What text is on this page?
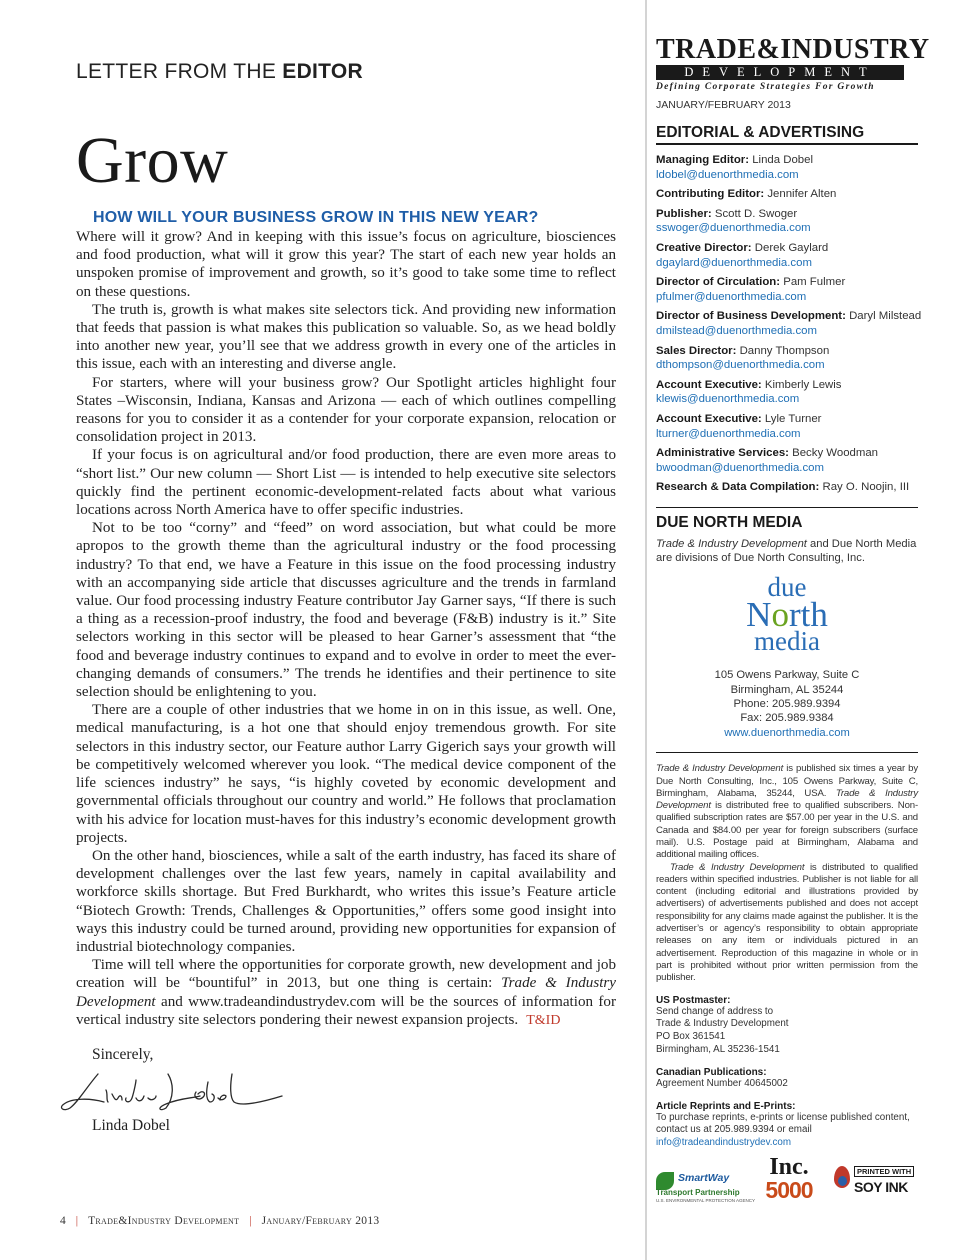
LETTER FROM THE EDITOR
Grow
HOW WILL YOUR BUSINESS GROW IN THIS NEW YEAR?

Where will it grow? And in keeping with this issue’s focus on agriculture, biosciences and food production, what will it grow this year? The start of each new year holds an unspoken promise of improvement and growth, so it’s good to take some time to reflect on these questions.

The truth is, growth is what makes site selectors tick. And providing new information that feeds that passion is what makes this publication so valuable. So, as we head boldly into another new year, you’ll see that we address growth in every one of the articles in this issue, each with an interesting and diverse angle.

For starters, where will your business grow? Our Spotlight articles highlight four States –Wisconsin, Indiana, Kansas and Arizona — each of which outlines compelling reasons for you to consider it as a contender for your corporate expansion, relocation or consolidation project in 2013.

If your focus is on agricultural and/or food production, there are even more areas to “short list.” Our new column — Short List — is intended to help executive site selectors quickly find the pertinent economic-development-related facts about what various locations across North America have to offer specific industries.

Not to be too “corny” and “feed” on word association, but what could be more apropos to the growth theme than the agricultural industry or the food processing industry? To that end, we have a Feature in this issue on the food processing industry with an accompanying side article that discusses agriculture and the trends in farmland value. Our food processing industry Feature contributor Jay Garner says, “If there is such a thing as a recession-proof industry, the food and beverage (F&B) industry is it.” Site selectors working in this sector will be pleased to hear Garner’s assessment that “the food and beverage industry continues to expand and to evolve in order to meet the ever-changing demands of consumers.” The trends he identifies and their pertinence to site selection should be enlightening to you.

There are a couple of other industries that we home in on in this issue, as well. One, medical manufacturing, is a hot one that should enjoy tremendous growth. For site selectors in this industry sector, our Feature author Larry Gigerich says your growth will be competitively welcomed wherever you look. “The medical device component of the life sciences industry” he says, “is highly coveted by economic development and governmental officials throughout our country and world.” He follows that proclamation with his advice for location must-haves for this industry’s economic development growth projects.

On the other hand, biosciences, while a salt of the earth industry, has faced its share of development challenges over the last few years, namely in capital availability and workforce skills shortage. But Fred Burkhardt, who writes this issue’s Feature article “Biotech Growth: Trends, Challenges & Opportunities,” offers some good insight into ways this industry could be turned around, providing new opportunities for expansion of industrial biotechnology companies.

Time will tell where the opportunities for corporate growth, new development and job creation will be “bountiful” in 2013, but one thing is certain: Trade & Industry Development and www.tradeandindustrydev.com will be the sources of information for vertical industry site selectors pondering their newest expansion projects. T&ID

Sincerely,
Linda Dobel
4 | Trade&Industry Development | January/February 2013
TRADE&INDUSTRY
DEVELOPMENT
Defining Corporate Strategies For Growth
JANUARY/FEBRUARY 2013
EDITORIAL & ADVERTISING
Managing Editor: Linda Dobel
ldobel@duenorthmedia.com
Contributing Editor: Jennifer Alten
Publisher: Scott D. Swoger
sswoger@duenorthmedia.com
Creative Director: Derek Gaylard
dgaylard@duenorthmedia.com
Director of Circulation: Pam Fulmer
pfulmer@duenorthmedia.com
Director of Business Development: Daryl Milstead
dmilstead@duenorthmedia.com
Sales Director: Danny Thompson
dthompson@duenorthmedia.com
Account Executive: Kimberly Lewis
klewis@duenorthmedia.com
Account Executive: Lyle Turner
lturner@duenorthmedia.com
Administrative Services: Becky Woodman
bwoodman@duenorthmedia.com
Research & Data Compilation: Ray O. Noojin, III
DUE NORTH MEDIA
Trade & Industry Development and Due North Media are divisions of Due North Consulting, Inc.
due
North
media
105 Owens Parkway, Suite C
Birmingham, AL 35244
Phone: 205.989.9394
Fax: 205.989.9384
www.duenorthmedia.com

Trade & Industry Development is published six times a year by Due North Consulting, Inc., 105 Owens Parkway, Suite C, Birmingham, Alabama, 35244, USA. Trade & Industry Development is distributed free to qualified subscribers. Non-qualified subscription rates are $57.00 per year in the U.S. and Canada and $84.00 per year for foreign subscribers (surface mail). U.S. Postage paid at Birmingham, Alabama and additional mailing offices.

Trade & Industry Development is distributed to qualified readers within specified industries. Publisher is not liable for all content (including editorial and illustrations provided by advertisers) of advertisements published and does not accept responsibility for any claims made against the publisher. It is the advertiser’s or agency’s responsibility to obtain appropriate releases on any item or individuals pictured in an advertisement. Reproduction of this magazine in whole or in part is prohibited without prior written permission from the publisher.

US Postmaster:
Send change of address to
Trade & Industry Development
PO Box 361541
Birmingham, AL 35236-1541
Canadian Publications:
Agreement Number 40645002
Article Reprints and E-Prints:
To purchase reprints, e-prints or license published content, contact us at 205.989.9394 or email info@tradeandindustrydev.com
SmartWay
Transport Partnership
U.S. ENVIRONMENTAL PROTECTION AGENCY
Inc.
5000
PRINTED WITH
SOY INK
